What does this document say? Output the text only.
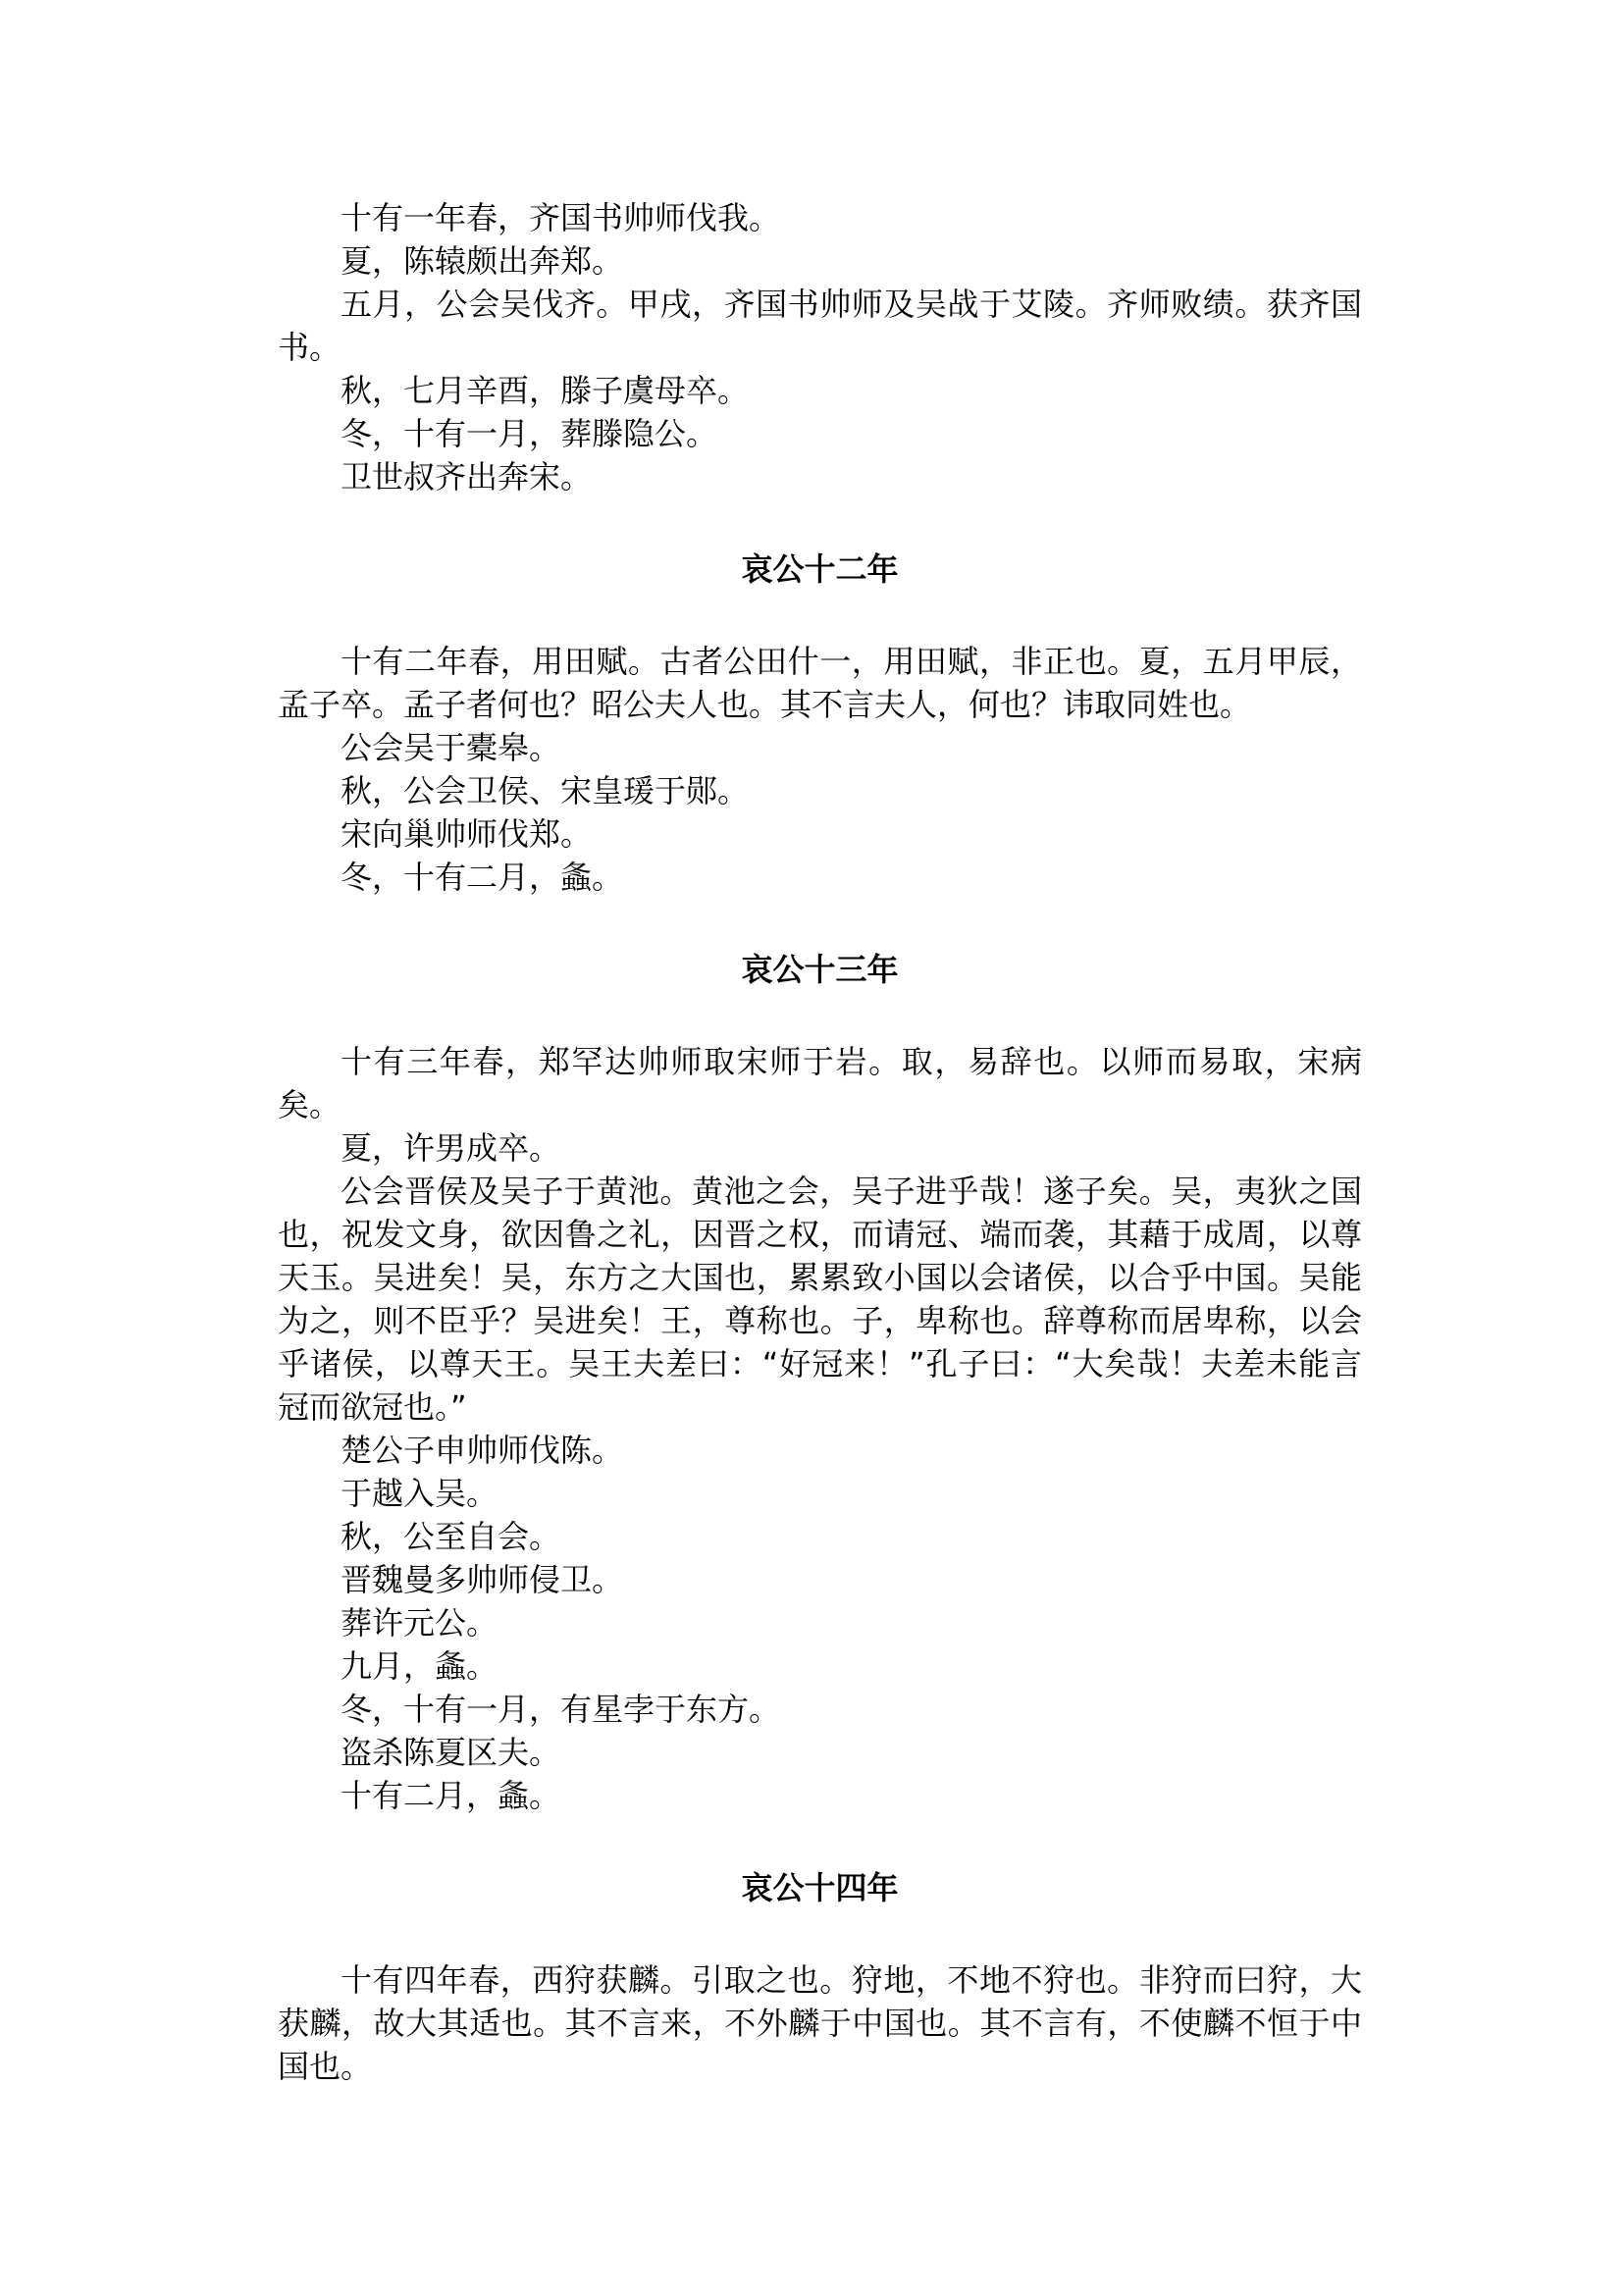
十有一年春，齐国书帅师伐我。

夏，陈辕颇出奔郑。

五月，公会吴伐齐。甲戌，齐国书帅师及吴战于艾陵。齐师败绩。获齐国书。

秋，七月辛酉，滕子虞母卒。

冬，十有一月，葬滕隐公。

卫世叔齐出奔宋。

哀公十二年

十有二年春，用田赋。古者公田什一，用田赋，非正也。夏，五月甲辰，孟子卒。孟子者何也？昭公夫人也。其不言夫人，何也？讳取同姓也。

公会吴于橐皋。

秋，公会卫侯、宋皇瑗于郧。

宋向巢帅师伐郑。

冬，十有二月，螽。

哀公十三年

十有三年春，郑罕达帅师取宋师于岩。取，易辞也。以师而易取，宋病矣。

夏，许男成卒。

公会晋侯及吴子于黄池。黄池之会，吴子进乎哉！遂子矣。吴，夷狄之国也，祝发文身，欲因鲁之礼，因晋之权，而请冠、端而袭，其藉于成周，以尊天玉。吴进矣！吴，东方之大国也，累累致小国以会诸侯，以合乎中国。吴能为之，则不臣乎？吴进矣！王，尊称也。子，卑称也。辞尊称而居卑称，以会乎诸侯，以尊天王。吴王夫差曰：“好冠来！”孔子曰：“大矣哉！夫差未能言冠而欲冠也。”

楚公子申帅师伐陈。

于越入吴。

秋，公至自会。

晋魏曼多帅师侵卫。

葬许元公。

九月，螽。

冬，十有一月，有星孛于东方。

盗杀陈夏区夫。

十有二月，螽。

哀公十四年

十有四年春，西狩获麟。引取之也。狩地，不地不狩也。非狩而曰狩，大获麟，故大其适也。其不言来，不外麟于中国也。其不言有，不使麟不恒于中国也。
